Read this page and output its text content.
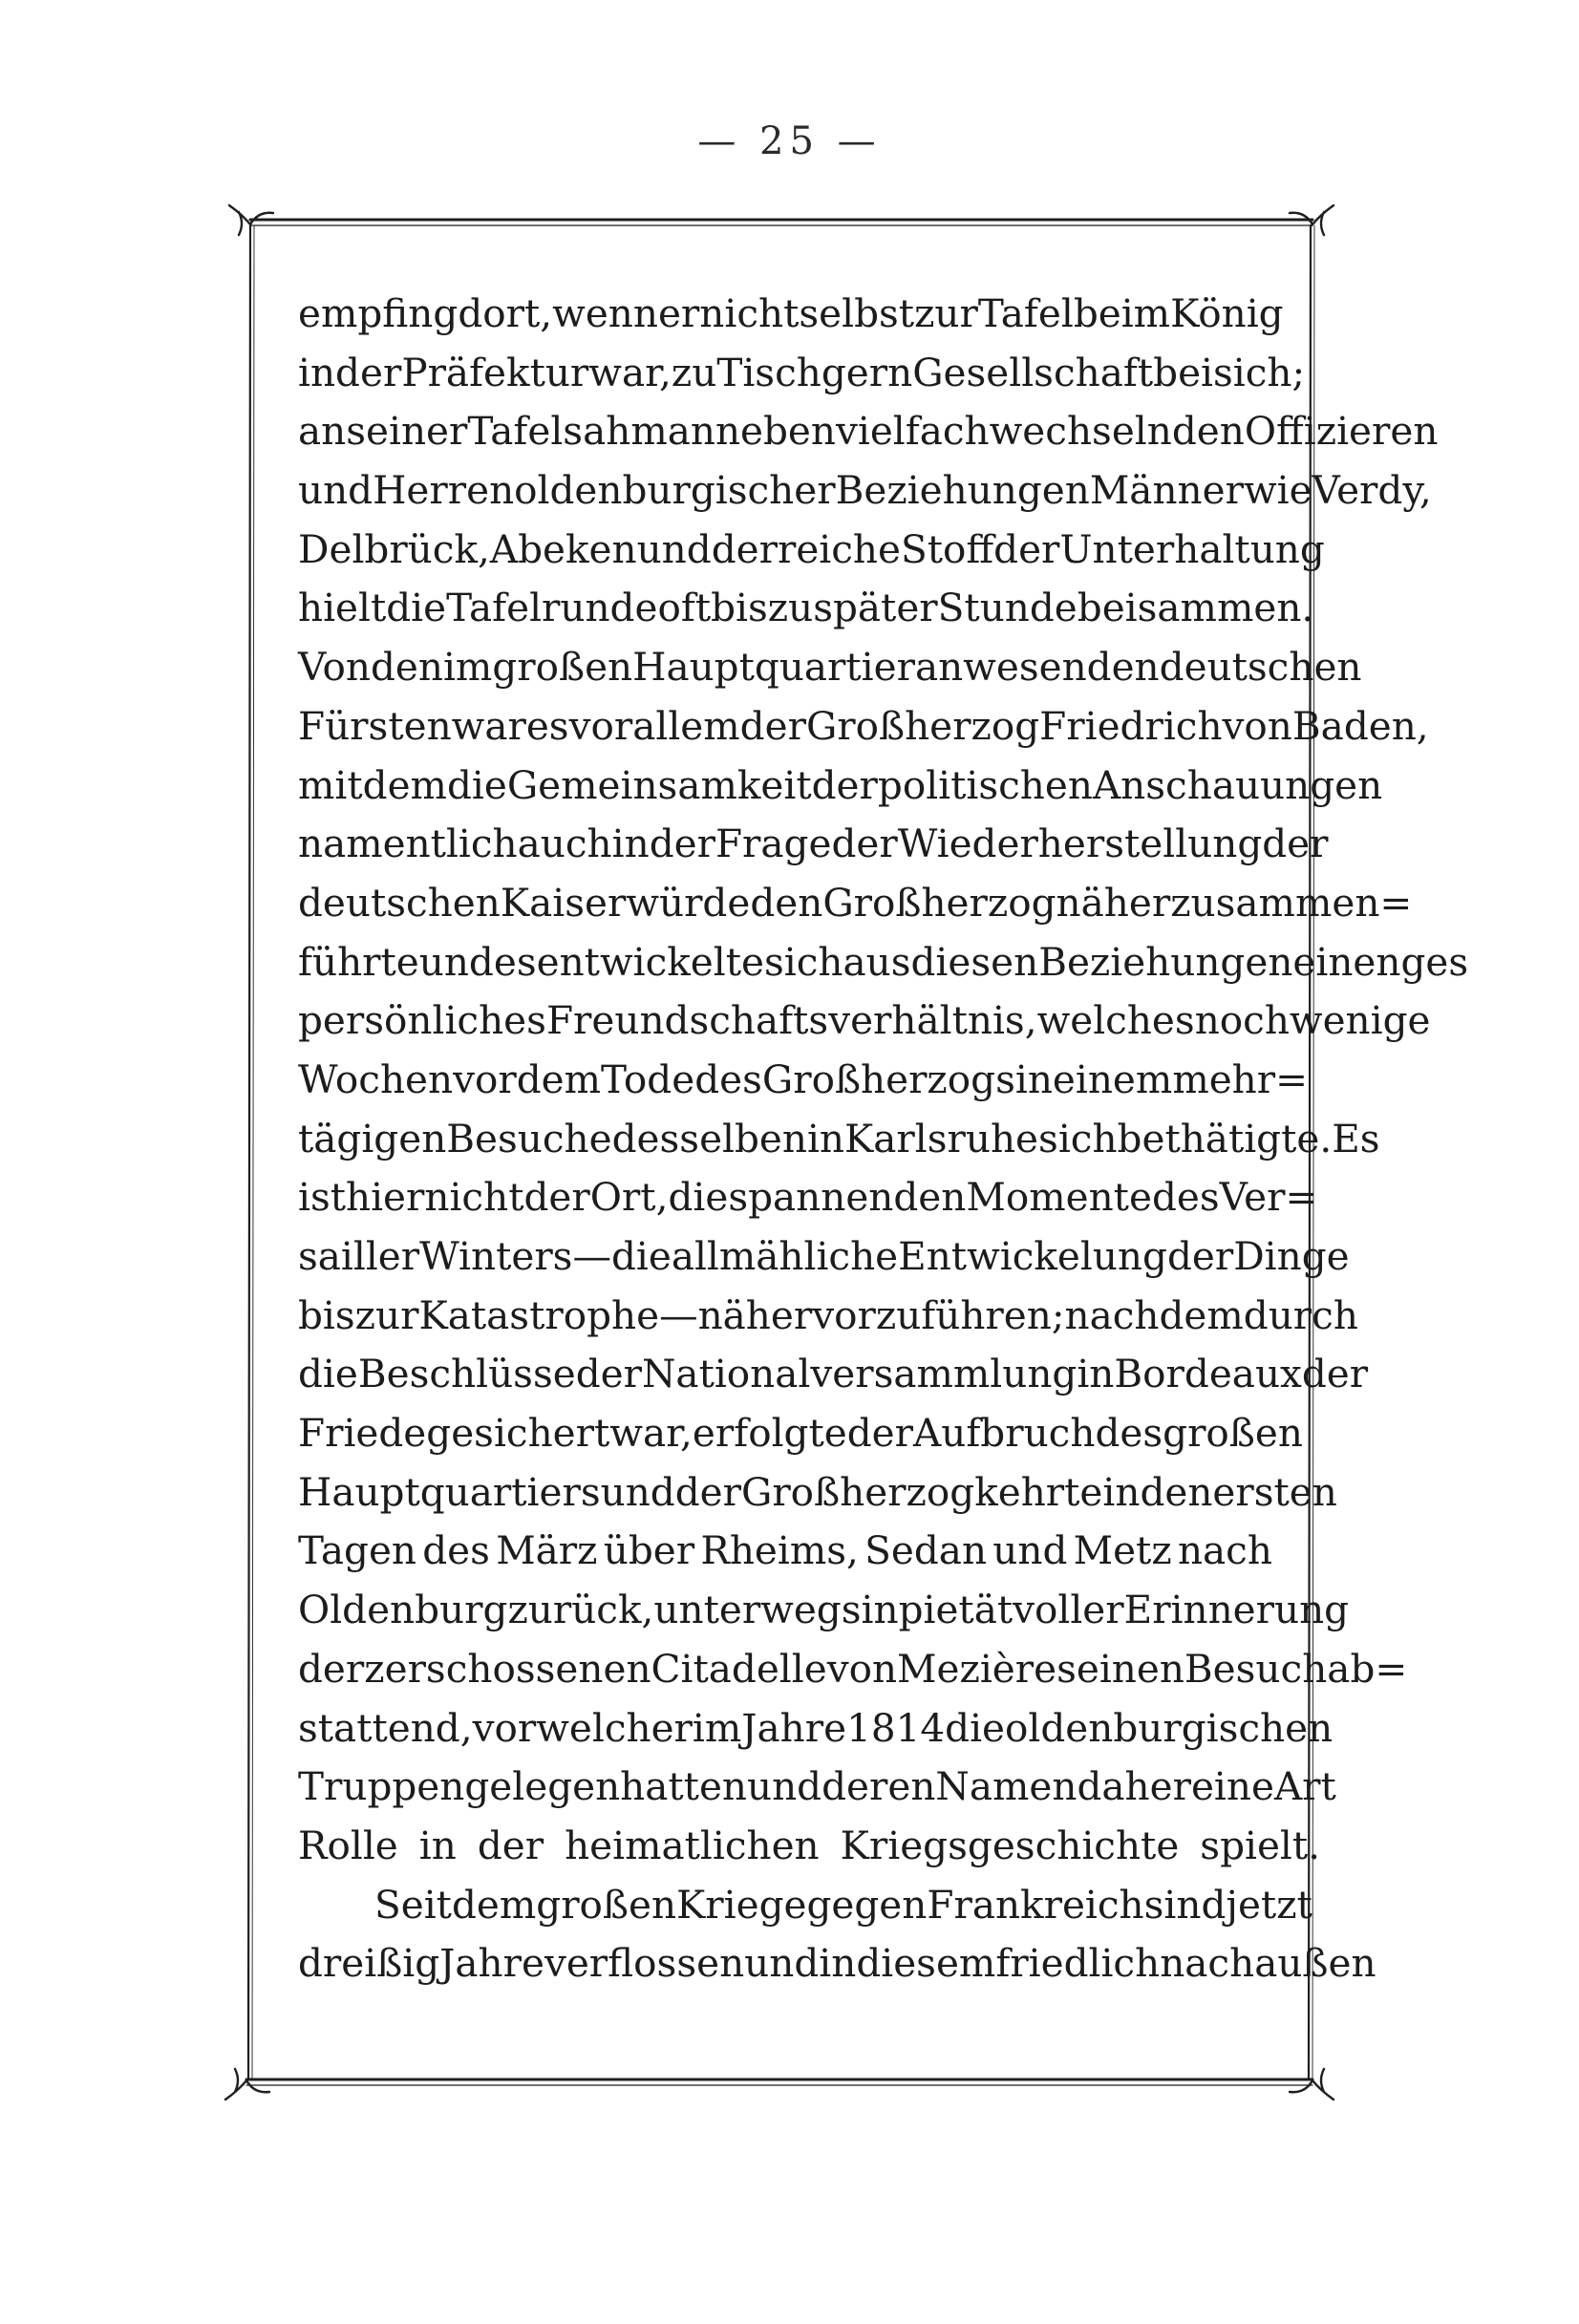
— 25 —
empfing dort, wenn er nicht selbst zur Tafel beim König
in der Präfektur war, zu Tisch gern Gesellschaft bei sich;
an seiner Tafel sah man neben vielfach wechselnden Offizieren
und Herren oldenburgischer Beziehungen Männer wie Verdy,
Delbrück, Abeken und der reiche Stoff der Unterhaltung
hielt die Tafelrunde oft bis zu später Stunde beisammen.
Von den im großen Hauptquartier anwesenden deutschen
Fürsten war es vor allem der Großherzog Friedrich von Baden,
mit dem die Gemeinsamkeit der politischen Anschauungen
namentlich auch in der Frage der Wiederherstellung der
deutschen Kaiserwürde den Großherzog näher zusammen=
führte und es entwickelte sich aus diesen Beziehungen ein enges
persönliches Freundschaftsverhältnis, welches noch wenige
Wochen vor dem Tode des Großherzogs in einem mehr=
tägigen Besuche desselben in Karlsruhe sich bethätigte. Es
ist hier nicht der Ort, die spannenden Momente des Ver=
sailler Winters — die allmähliche Entwickelung der Dinge
bis zur Katastrophe — näher vorzuführen; nachdem durch
die Beschlüsse der Nationalversammlung in Bordeaux der
Friede gesichert war, erfolgte der Aufbruch des großen
Hauptquartiers und der Großherzog kehrte in den ersten
Tagen des März über Rheims, Sedan und Metz nach
Oldenburg zurück, unterwegs in pietätvoller Erinnerung
der zerschossenen Citadelle von Mezières einen Besuch ab=
stattend, vor welcher im Jahre 1814 die oldenburgischen
Truppen gelegen hatten und deren Namen daher eine Art
Rolle in der heimatlichen Kriegsgeschichte spielt.
Seit dem großen Kriege gegen Frankreich sind jetzt
dreißig Jahre verflossen und in diesem friedlich nach außen
